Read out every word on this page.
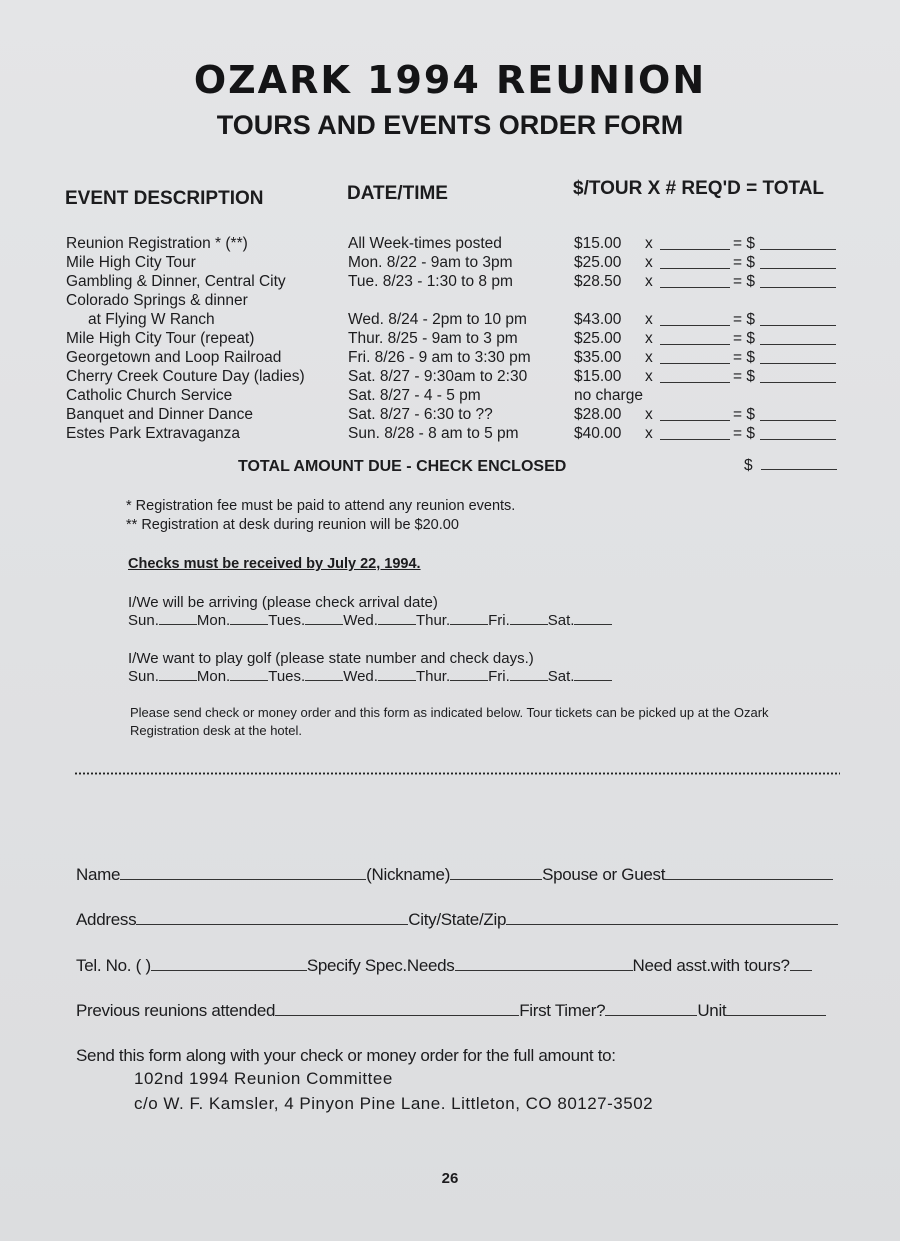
OZARK 1994 REUNION
TOURS AND EVENTS ORDER FORM
EVENT DESCRIPTION	DATE/TIME	$/TOUR X # REQ'D = TOTAL
Reunion Registration * (**)	All Week-times posted	$15.00 x	= $
Mile High City Tour	Mon. 8/22 - 9am to 3pm	$25.00 x	= $
Gambling & Dinner, Central City	Tue. 8/23 - 1:30 to 8 pm	$28.50 x	= $
Colorado Springs & dinner
at Flying W Ranch	Wed. 8/24 - 2pm to 10 pm	$43.00 x	= $
Mile High City Tour (repeat)	Thur. 8/25 - 9am to 3 pm	$25.00 x	= $
Georgetown and Loop Railroad	Fri. 8/26 - 9 am to 3:30 pm	$35.00 x	= $
Cherry Creek Couture Day (ladies)	Sat. 8/27 - 9:30am to 2:30	$15.00 x	= $
Catholic Church Service	Sat. 8/27 - 4 - 5 pm	no charge
Banquet and Dinner Dance	Sat. 8/27 - 6:30 to ??	$28.00 x	= $
Estes Park Extravaganza	Sun. 8/28 - 8 am to 5 pm	$40.00 x	= $
TOTAL AMOUNT DUE - CHECK ENCLOSED	$
* Registration fee must be paid to attend any reunion events.
** Registration at desk during reunion will be $20.00
Checks must be received by July 22, 1994.
I/We will be arriving (please check arrival date)
Sun.	Mon.	Tues.	Wed.	Thur.	Fri.	Sat.
I/We want to play golf (please state number and check days.)
Sun.	Mon.	Tues.	Wed.	Thur.	Fri.	Sat.
Please send check or money order and this form as indicated below. Tour tickets can be picked up at the Ozark Registration desk at the hotel.
Name	(Nickname)	Spouse or Guest
Address	City/State/Zip
Tel. No. ( )	Specify Spec.Needs	Need asst.with tours?
Previous reunions attended	First Timer?	Unit
Send this form along with your check or money order for the full amount to:
102nd 1994 Reunion Committee
c/o W. F. Kamsler, 4 Pinyon Pine Lane. Littleton, CO 80127-3502
26
